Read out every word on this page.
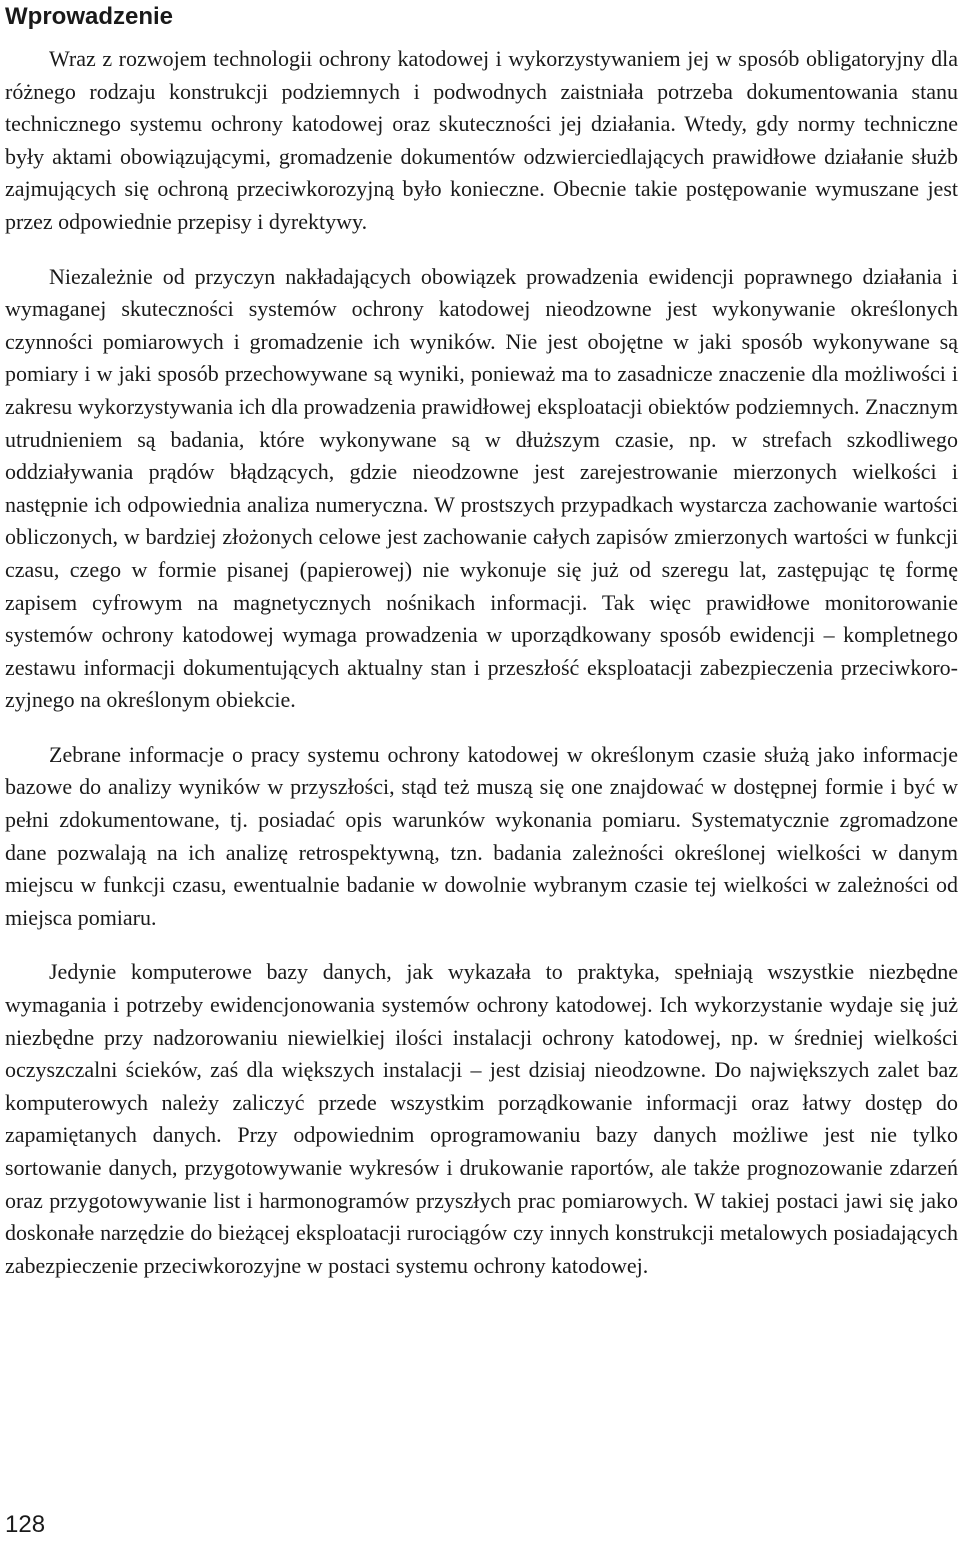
Wprowadzenie

Wraz z rozwojem technologii ochrony katodowej i wykorzystywaniem jej w sposób obligatoryjny dla różnego rodzaju konstrukcji podziemnych i podwodnych zaistniała potrzeba dokumentowania stanu technicznego systemu ochrony katodowej oraz skuteczności jej działania. Wtedy, gdy normy techniczne były aktami obowiązującymi, gromadzenie dokumentów odzwierciedlających prawidłowe działanie służb zajmujących się ochroną przeciwkorozyjną było konieczne. Obecnie takie postępowanie wymuszane jest przez odpowiednie przepisy i dyrektywy.

Niezależnie od przyczyn nakładających obowiązek prowadzenia ewidencji poprawnego działania i wymaganej skuteczności systemów ochrony katodowej nieodzowne jest wykonywanie określonych czynności pomiarowych i gromadzenie ich wyników. Nie jest obojętne w jaki sposób wykonywane są pomiary i w jaki sposób przechowywane są wyniki, ponieważ ma to zasadnicze znaczenie dla możliwości i zakresu wykorzystywania ich dla prowadzenia prawidłowej eksploatacji obiektów podziemnych. Znacznym utrudnieniem są badania, które wykonywane są w dłuższym czasie, np. w strefach szkodliwego oddziaływania prądów błądzących, gdzie nieodzowne jest zarejestrowanie mierzonych wielkości i następnie ich odpowiednia analiza numeryczna. W prostszych przypadkach wystarcza zachowanie wartości obliczonych, w bardziej złożonych celowe jest zachowanie całych zapisów zmierzonych wartości w funkcji czasu, czego w formie pisanej (papierowej) nie wykonuje się już od szeregu lat, zastępując tę formę zapisem cyfrowym na magnetycznych nośnikach informacji. Tak więc prawidłowe monitorowanie systemów ochrony katodowej wymaga prowadzenia w uporządkowany sposób ewidencji – kompletnego zestawu informacji dokumentujących aktualny stan i przeszłość eksploatacji zabezpieczenia przeciwkorozyjnego na określonym obiekcie.

Zebrane informacje o pracy systemu ochrony katodowej w określonym czasie służą jako informacje bazowe do analizy wyników w przyszłości, stąd też muszą się one znajdować w dostępnej formie i być w pełni zdokumentowane, tj. posiadać opis warunków wykonania pomiaru. Systematycznie zgromadzone dane pozwalają na ich analizę retrospektywną, tzn. badania zależności określonej wielkości w danym miejscu w funkcji czasu, ewentualnie badanie w dowolnie wybranym czasie tej wielkości w zależności od miejsca pomiaru.

Jedynie komputerowe bazy danych, jak wykazała to praktyka, spełniają wszystkie niezbędne wymagania i potrzeby ewidencjonowania systemów ochrony katodowej. Ich wykorzystanie wydaje się już niezbędne przy nadzorowaniu niewielkiej ilości instalacji ochrony katodowej, np. w średniej wielkości oczyszczalni ścieków, zaś dla większych instalacji – jest dzisiaj nieodzowne. Do największych zalet baz komputerowych należy zaliczyć przede wszystkim porządkowanie informacji oraz łatwy dostęp do zapamiętanych danych. Przy odpowiednim oprogramowaniu bazy danych możliwe jest nie tylko sortowanie danych, przygotowywanie wykresów i drukowanie raportów, ale także prognozowanie zdarzeń oraz przygotowywanie list i harmonogramów przyszłych prac pomiarowych. W takiej postaci jawi się jako doskonałe narzędzie do bieżącej eksploatacji rurociągów czy innych konstrukcji metalowych posiadających zabezpieczenie przeciwkorozyjne w postaci systemu ochrony katodowej.

128
